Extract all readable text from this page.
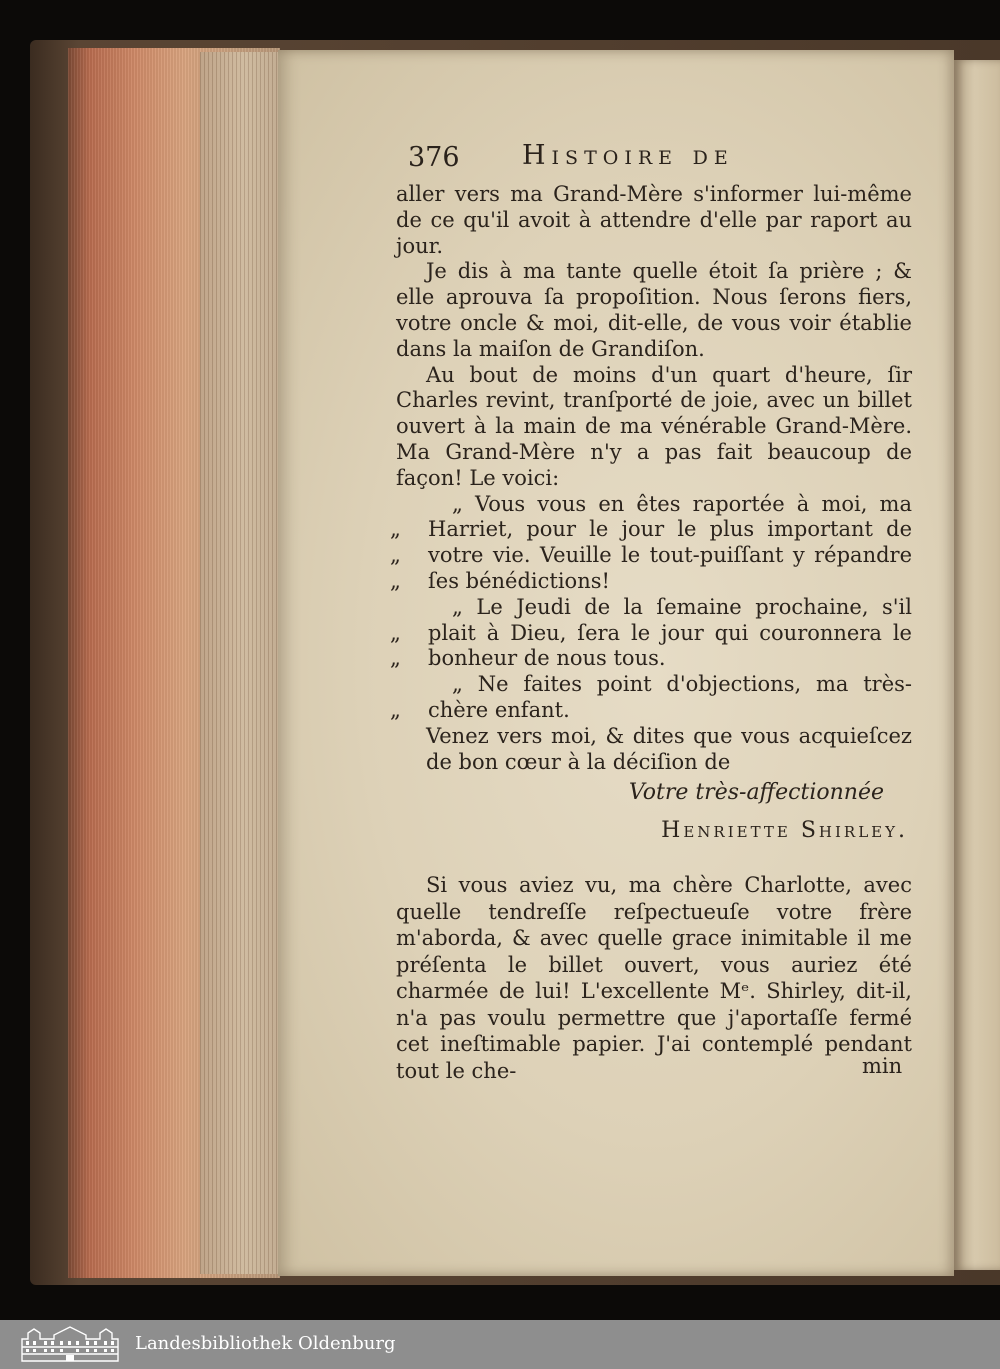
376 Histoire de

aller vers ma Grand-Mère s'informer lui-même de ce qu'il avoit à attendre d'elle par raport au jour.

Je dis à ma tante quelle étoit ſa prière ; & elle aprouva ſa propoſition. Nous ſerons fiers, votre oncle & moi, dit-elle, de vous voir établie dans la maiſon de Grandiſon.

Au bout de moins d'un quart d'heure, ſir Charles revint, tranſporté de joie, avec un billet ouvert à la main de ma vénérable Grand-Mère. Ma Grand-Mère n'y a pas fait beaucoup de façon! Le voici:

„
„
„
„ Vous vous en êtes raportée à moi, ma Harriet, pour le jour le plus important de votre vie. Veuille le tout-puiſſant y répandre ſes bénédictions!

„
„
„ Le Jeudi de la ſemaine prochaine, s'il plait à Dieu, ſera le jour qui couronnera le bonheur de nous tous.

„
„ Ne faites point d'objections, ma très-chère enfant.

Venez vers moi, & dites que vous acquieſcez de bon cœur à la déciſion de

Votre très-affectionnée
Henriette Shirley.

Si vous aviez vu, ma chère Charlotte, avec quelle tendreſſe reſpectueuſe votre frère m'aborda, & avec quelle grace inimitable il me préſenta le billet ouvert, vous auriez été charmée de lui! L'excellente Mᵉ. Shirley, dit-il, n'a pas voulu permettre que j'aportaſſe fermé cet ineſtimable papier. J'ai contemplé pendant tout le che-	min
Landesbibliothek Oldenburg
